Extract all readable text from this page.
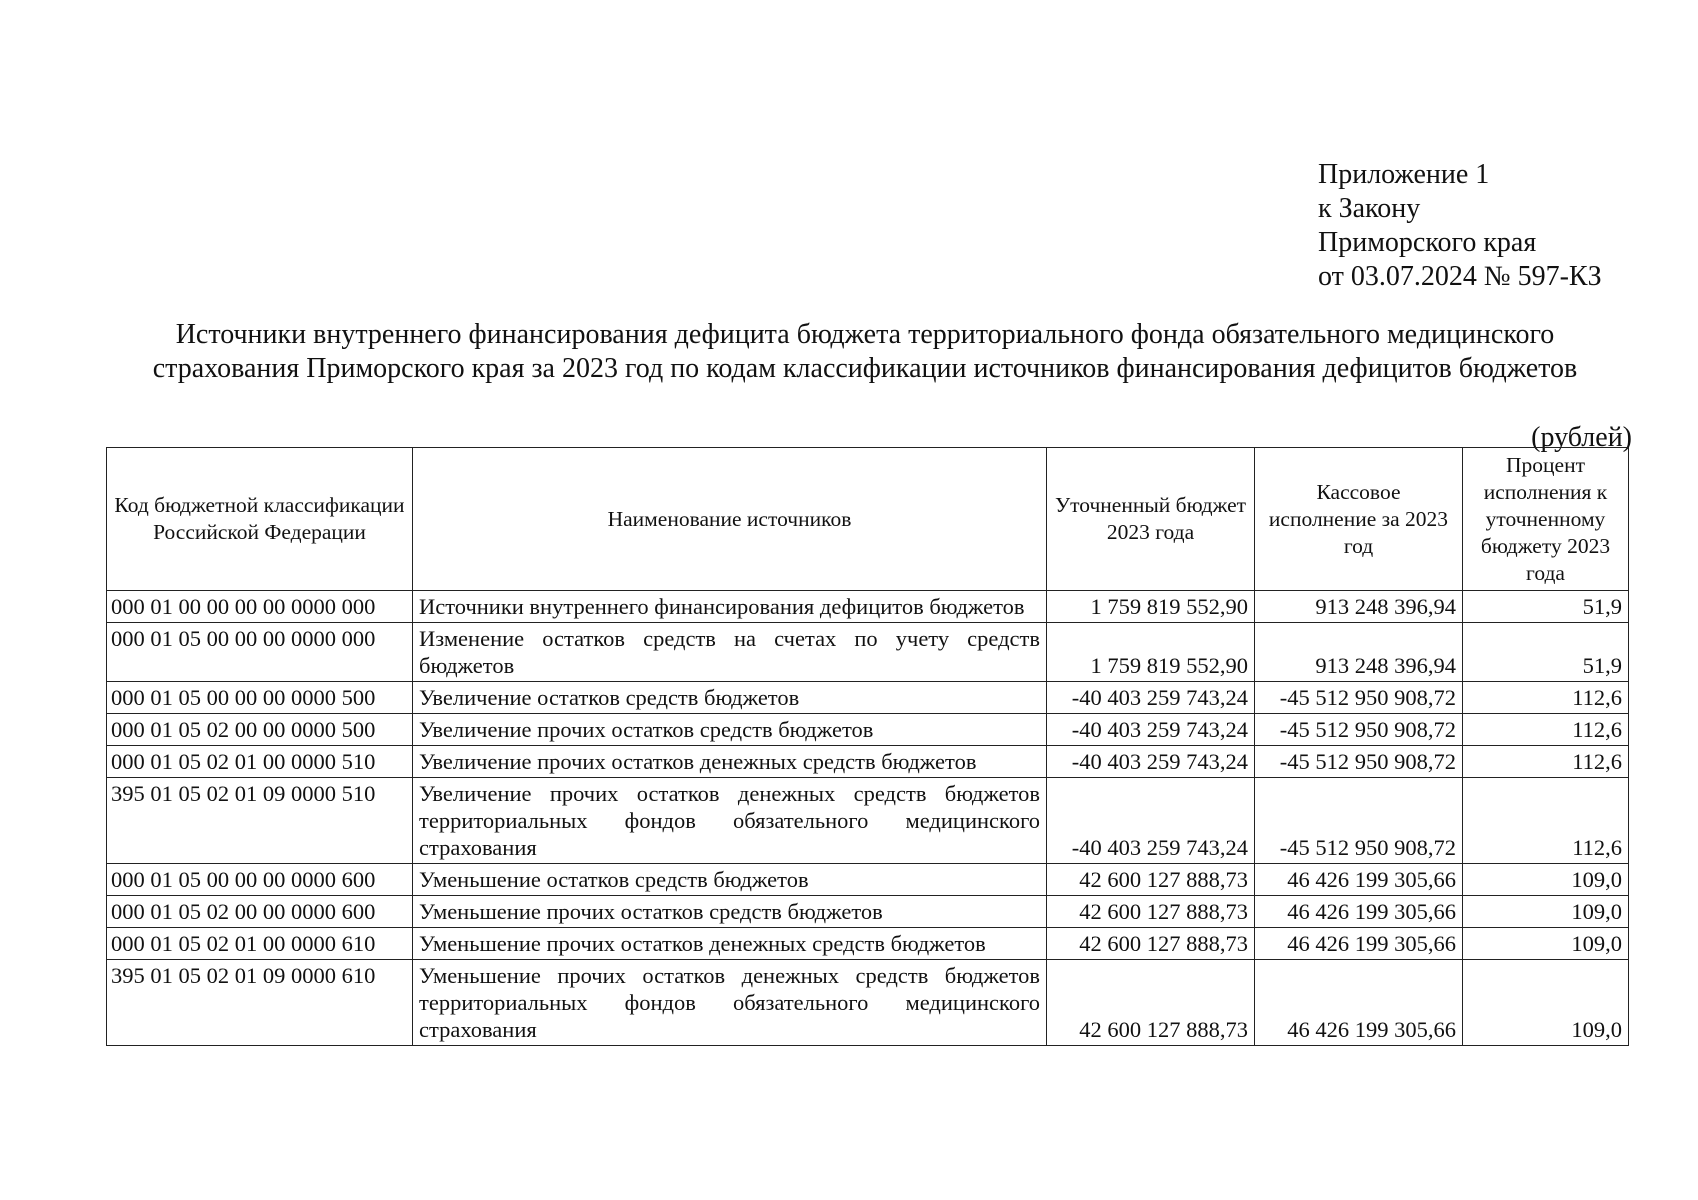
Приложение 1
к Закону
Приморского края
от 03.07.2024 № 597-КЗ
Источники внутреннего финансирования дефицита бюджета территориального фонда обязательного медицинского страхования Приморского края за 2023 год по кодам классификации источников финансирования дефицитов бюджетов
(рублей)
Код бюджетной классификации Российской Федерации	Наименование источников	Уточненный бюджет 2023 года	Кассовое исполнение за 2023 год	Процент исполнения к уточненному бюджету 2023 года
000 01 00 00 00 00 0000 000	Источники внутреннего финансирования дефицитов бюджетов	1 759 819 552,90	913 248 396,94	51,9
000 01 05 00 00 00 0000 000	Изменение остатков средств на счетах по учету средств бюджетов	1 759 819 552,90	913 248 396,94	51,9
000 01 05 00 00 00 0000 500	Увеличение остатков средств бюджетов	-40 403 259 743,24	-45 512 950 908,72	112,6
000 01 05 02 00 00 0000 500	Увеличение прочих остатков средств бюджетов	-40 403 259 743,24	-45 512 950 908,72	112,6
000 01 05 02 01 00 0000 510	Увеличение прочих остатков денежных средств бюджетов	-40 403 259 743,24	-45 512 950 908,72	112,6
395 01 05 02 01 09 0000 510	Увеличение прочих остатков денежных средств бюджетов территориальных фондов обязательного медицинского страхования	-40 403 259 743,24	-45 512 950 908,72	112,6
000 01 05 00 00 00 0000 600	Уменьшение остатков средств бюджетов	42 600 127 888,73	46 426 199 305,66	109,0
000 01 05 02 00 00 0000 600	Уменьшение прочих остатков средств бюджетов	42 600 127 888,73	46 426 199 305,66	109,0
000 01 05 02 01 00 0000 610	Уменьшение прочих остатков денежных средств бюджетов	42 600 127 888,73	46 426 199 305,66	109,0
395 01 05 02 01 09 0000 610	Уменьшение прочих остатков денежных средств бюджетов территориальных фондов обязательного медицинского страхования	42 600 127 888,73	46 426 199 305,66	109,0
